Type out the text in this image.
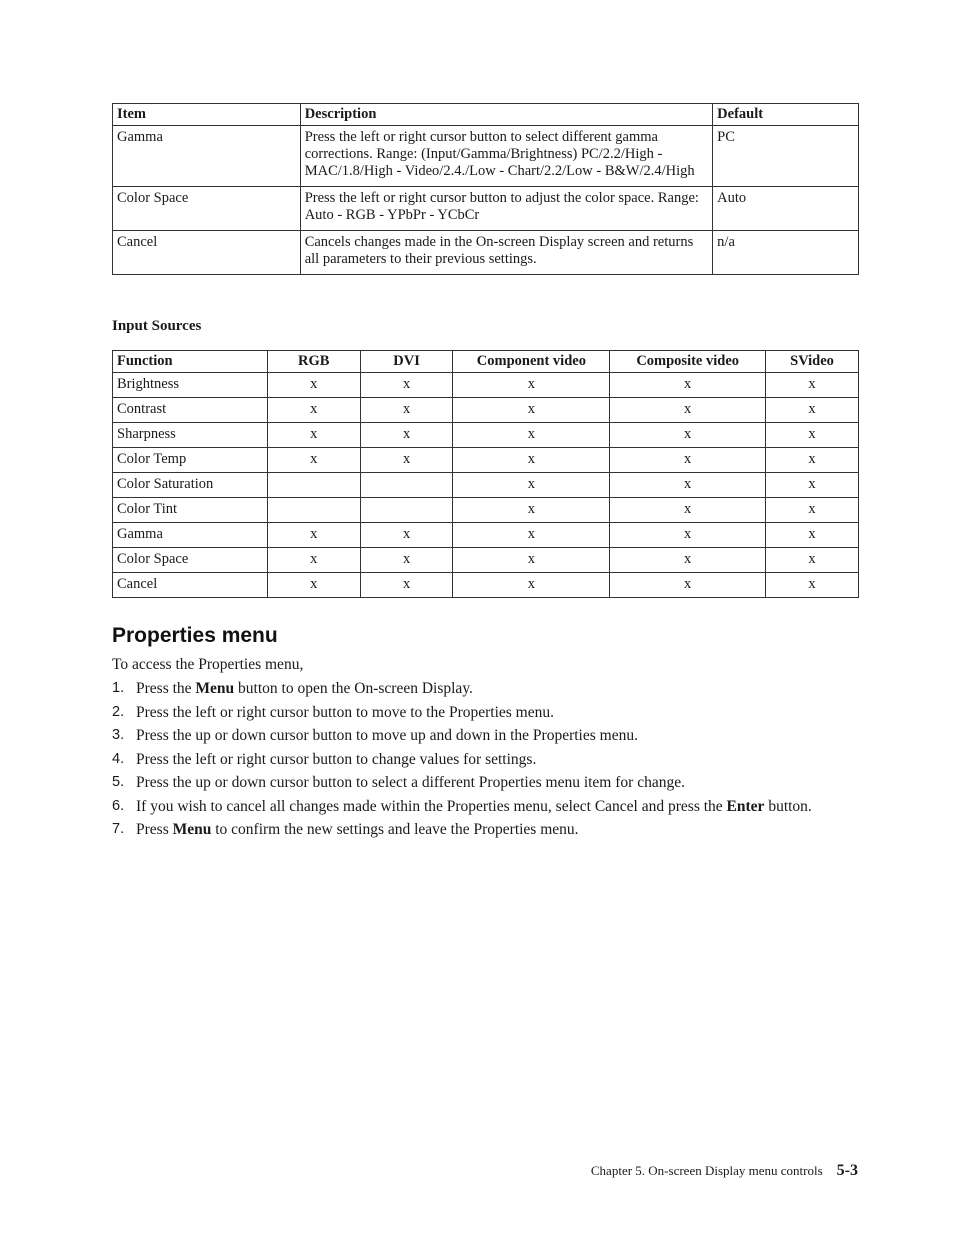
Item	Description	Default
Gamma	Press the left or right cursor button to select different gamma corrections. Range: (Input/Gamma/Brightness) PC/2.2/High - MAC/1.8/High - Video/2.4./Low - Chart/2.2/Low - B&W/2.4/High	PC
Color Space	Press the left or right cursor button to adjust the color space. Range: Auto - RGB - YPbPr - YCbCr	Auto
Cancel	Cancels changes made in the On-screen Display screen and returns all parameters to their previous settings.	n/a
Input Sources
Function	RGB	DVI	Component video	Composite video	SVideo
Brightness	x	x	x	x	x
Contrast	x	x	x	x	x
Sharpness	x	x	x	x	x
Color Temp	x	x	x	x	x
Color Saturation			x	x	x
Color Tint			x	x	x
Gamma	x	x	x	x	x
Color Space	x	x	x	x	x
Cancel	x	x	x	x	x
Properties menu

To access the Properties menu,

1. Press the Menu button to open the On-screen Display.
2. Press the left or right cursor button to move to the Properties menu.
3. Press the up or down cursor button to move up and down in the Properties menu.
4. Press the left or right cursor button to change values for settings.
5. Press the up or down cursor button to select a different Properties menu item for change.
6. If you wish to cancel all changes made within the Properties menu, select Cancel and press the Enter button.
7. Press Menu to confirm the new settings and leave the Properties menu.
Chapter 5. On-screen Display menu controls 5-3
